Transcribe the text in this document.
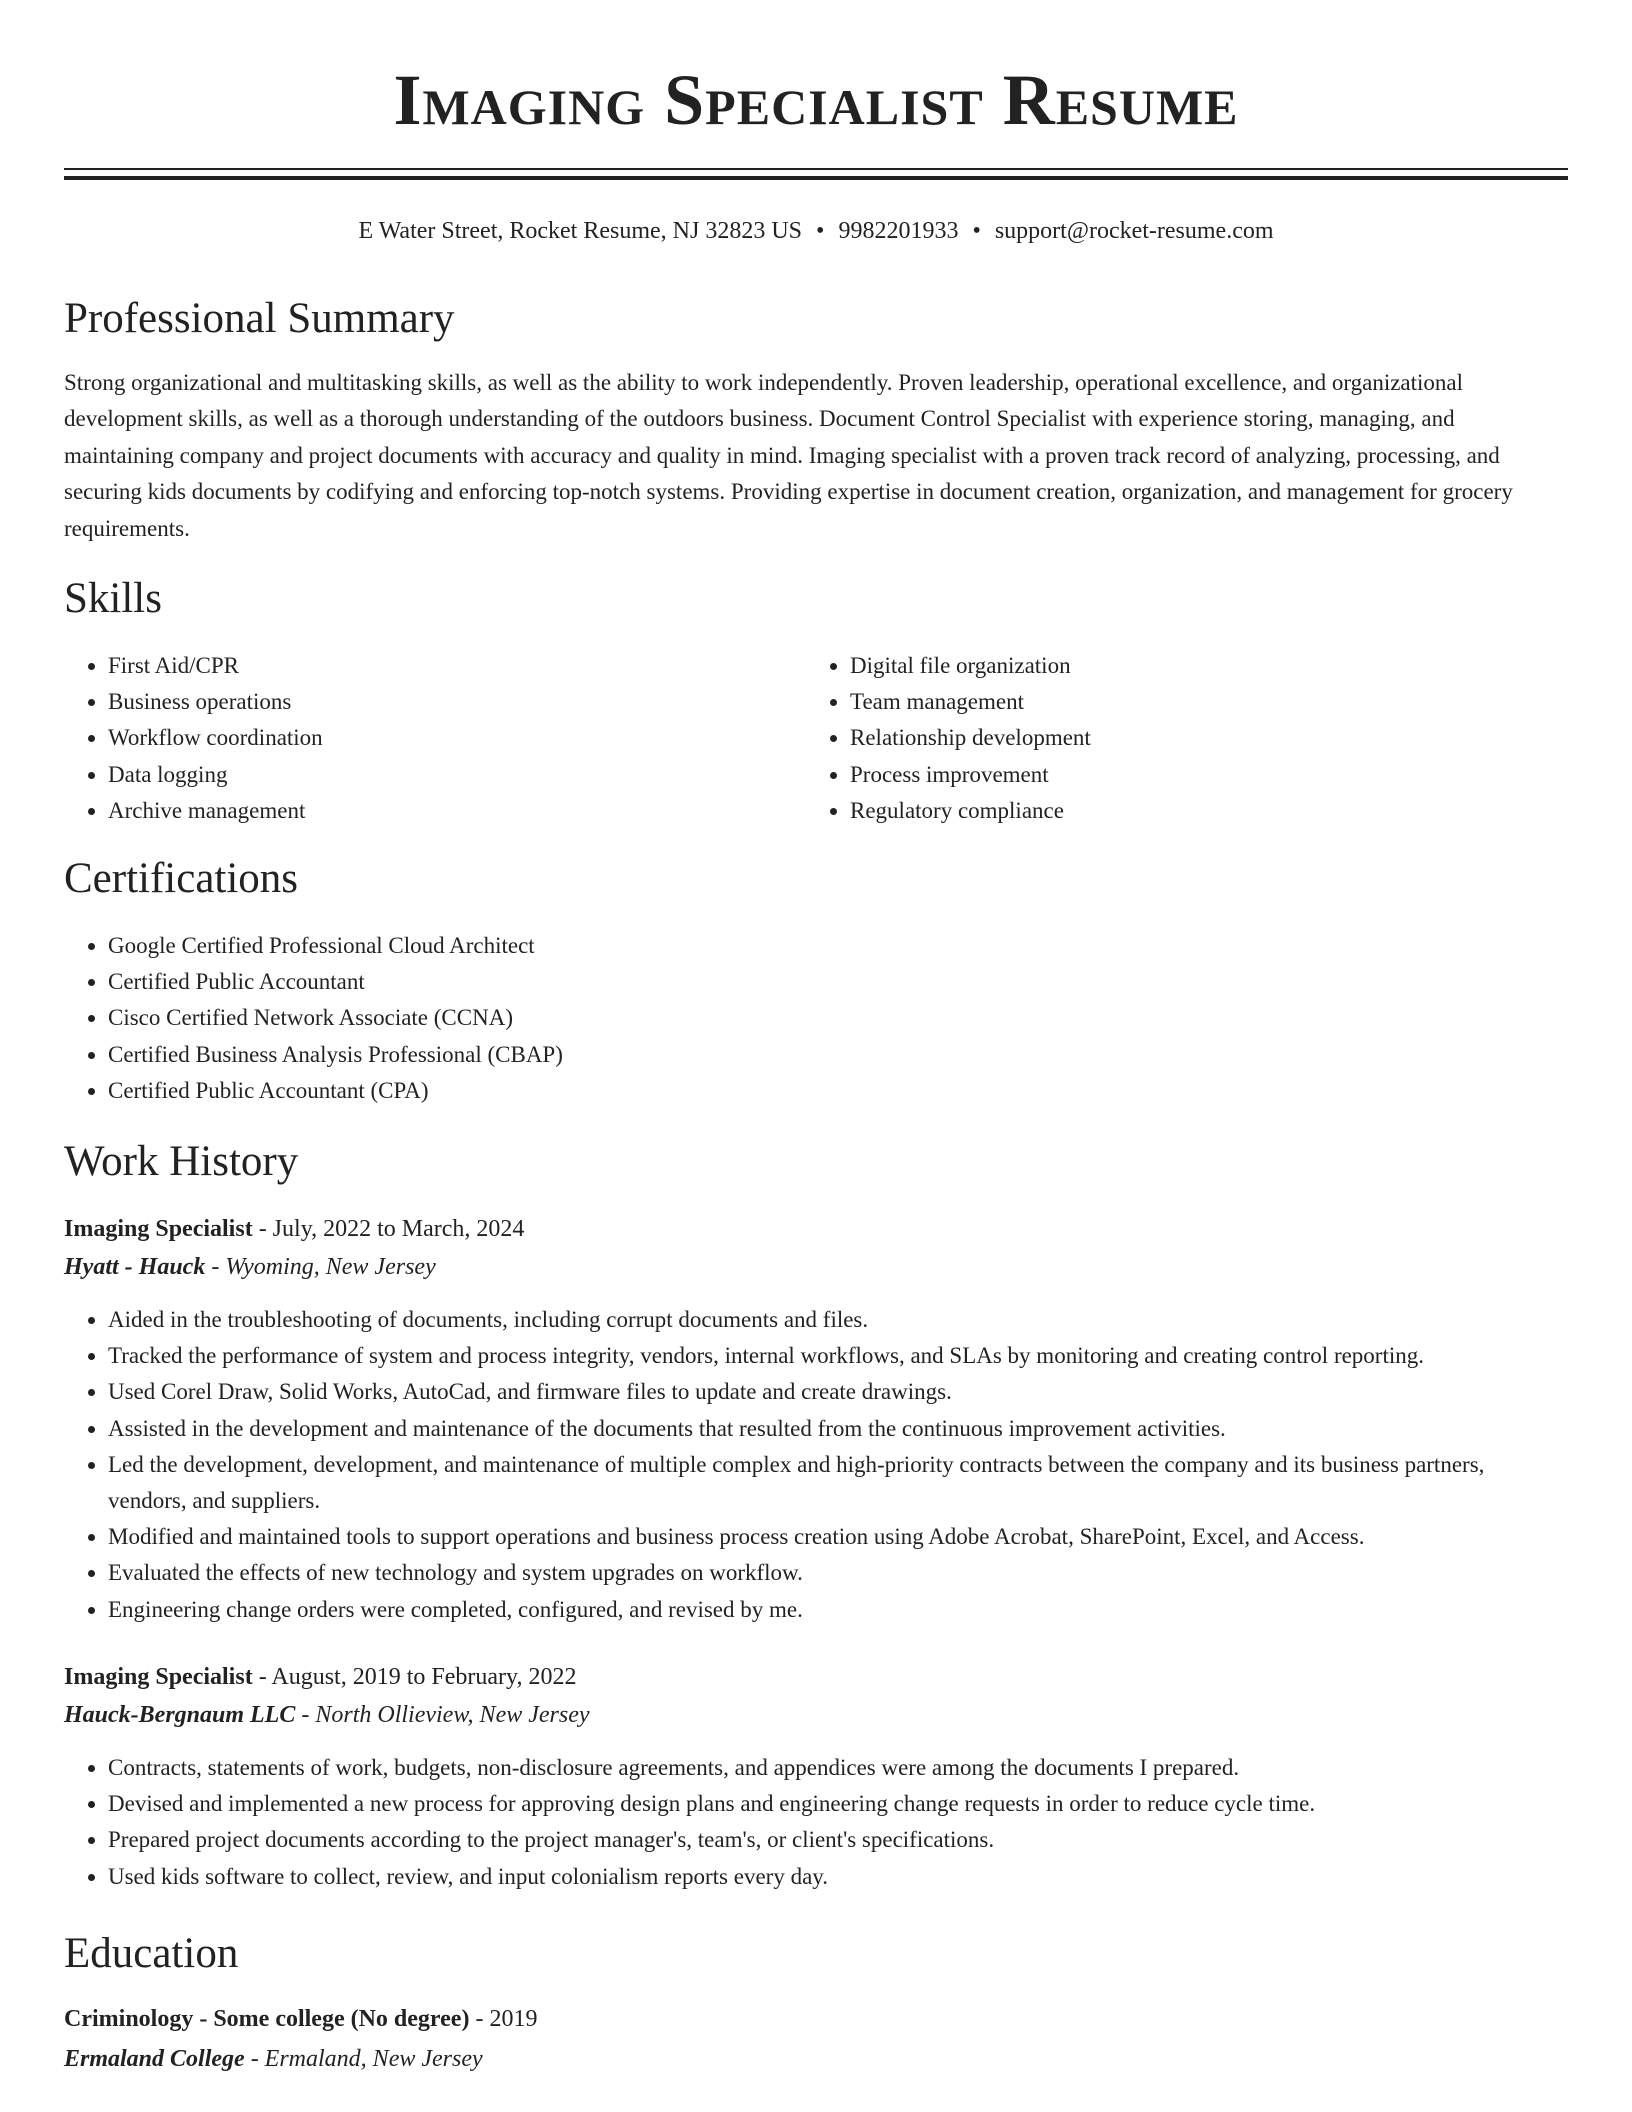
Imaging Specialist Resume
E Water Street, Rocket Resume, NJ 32823 US • 9982201933 • support@rocket-resume.com
Professional Summary

Strong organizational and multitasking skills, as well as the ability to work independently. Proven leadership, operational excellence, and organizational development skills, as well as a thorough understanding of the outdoors business. Document Control Specialist with experience storing, managing, and maintaining company and project documents with accuracy and quality in mind. Imaging specialist with a proven track record of analyzing, processing, and securing kids documents by codifying and enforcing top-notch systems. Providing expertise in document creation, organization, and management for grocery requirements.

Skills
• First Aid/CPR
• Business operations
• Workflow coordination
• Data logging
• Archive management
• Digital file organization
• Team management
• Relationship development
• Process improvement
• Regulatory compliance
Certifications
• Google Certified Professional Cloud Architect
• Certified Public Accountant
• Cisco Certified Network Associate (CCNA)
• Certified Business Analysis Professional (CBAP)
• Certified Public Accountant (CPA)
Work History
Imaging Specialist - July, 2022 to March, 2024
Hyatt - Hauck - Wyoming, New Jersey
• Aided in the troubleshooting of documents, including corrupt documents and files.
• Tracked the performance of system and process integrity, vendors, internal workflows, and SLAs by monitoring and creating control reporting.
• Used Corel Draw, Solid Works, AutoCad, and firmware files to update and create drawings.
• Assisted in the development and maintenance of the documents that resulted from the continuous improvement activities.
• Led the development, development, and maintenance of multiple complex and high-priority contracts between the company and its business partners, vendors, and suppliers.
• Modified and maintained tools to support operations and business process creation using Adobe Acrobat, SharePoint, Excel, and Access.
• Evaluated the effects of new technology and system upgrades on workflow.
• Engineering change orders were completed, configured, and revised by me.
Imaging Specialist - August, 2019 to February, 2022
Hauck-Bergnaum LLC - North Ollieview, New Jersey
• Contracts, statements of work, budgets, non-disclosure agreements, and appendices were among the documents I prepared.
• Devised and implemented a new process for approving design plans and engineering change requests in order to reduce cycle time.
• Prepared project documents according to the project manager's, team's, or client's specifications.
• Used kids software to collect, review, and input colonialism reports every day.
Education
Criminology - Some college (No degree) - 2019
Ermaland College - Ermaland, New Jersey
